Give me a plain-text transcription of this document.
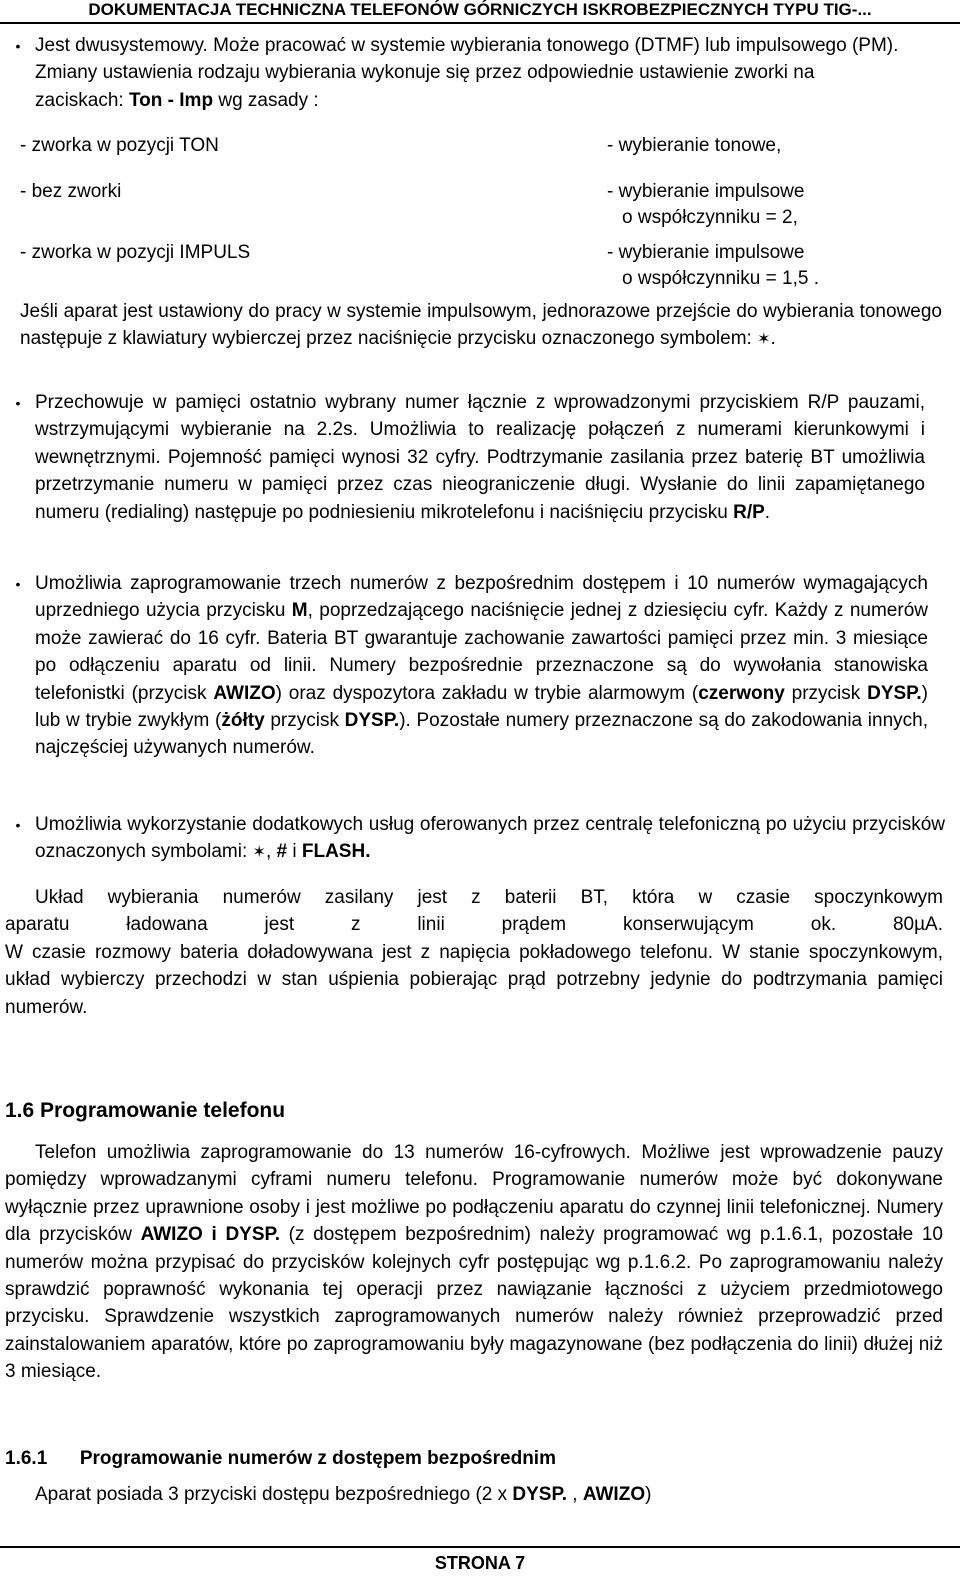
DOKUMENTACJA TECHNICZNA TELEFONÓW GÓRNICZYCH ISKROBEZPIECZNYCH TYPU TIG-...
• Jest dwusystemowy. Może pracować w systemie wybierania tonowego (DTMF) lub impulsowego (PM). Zmiany ustawienia rodzaju wybierania wykonuje się przez odpowiednie ustawienie zworki na zaciskach: Ton - Imp wg zasady :

- zworka w pozycji TON	- wybieranie tonowe,
- bez zworki	- wybieranie impulsowe
o współczynniku = 2,
- zworka w pozycji IMPULS	- wybieranie impulsowe
o współczynniku = 1,5 .

Jeśli aparat jest ustawiony do pracy w systemie impulsowym, jednorazowe przejście do wybierania tonowego następuje z klawiatury wybierczej przez naciśnięcie przycisku oznaczonego symbolem: ✶.

• Przechowuje w pamięci ostatnio wybrany numer łącznie z wprowadzonymi przyciskiem R/P pauzami, wstrzymującymi wybieranie na 2.2s. Umożliwia to realizację połączeń z numerami kierunkowymi i wewnętrznymi. Pojemność pamięci wynosi 32 cyfry. Podtrzymanie zasilania przez baterię BT umożliwia przetrzymanie numeru w pamięci przez czas nieograniczenie długi. Wysłanie do linii zapamiętanego numeru (redialing) następuje po podniesieniu mikrotelefonu i naciśnięciu przycisku R/P.

• Umożliwia zaprogramowanie trzech numerów z bezpośrednim dostępem i 10 numerów wymagających uprzedniego użycia przycisku M, poprzedzającego naciśnięcie jednej z dziesięciu cyfr. Każdy z numerów może zawierać do 16 cyfr. Bateria BT gwarantuje zachowanie zawartości pamięci przez min. 3 miesiące po odłączeniu aparatu od linii. Numery bezpośrednie przeznaczone są do wywołania stanowiska telefonistki (przycisk AWIZO) oraz dyspozytora zakładu w trybie alarmowym (czerwony przycisk DYSP.) lub w trybie zwykłym (żółty przycisk DYSP.). Pozostałe numery przeznaczone są do zakodowania innych, najczęściej używanych numerów.

• Umożliwia wykorzystanie dodatkowych usług oferowanych przez centralę telefoniczną po użyciu przycisków oznaczonych symbolami: ✶, # i FLASH.

Układ wybierania numerów zasilany jest z baterii BT, która w czasie spoczynkowym
aparatu ładowana jest z linii prądem konserwującym ok. 80µA.
W czasie rozmowy bateria doładowywana jest z napięcia pokładowego telefonu. W stanie spoczynkowym, układ wybierczy przechodzi w stan uśpienia pobierając prąd potrzebny jedynie do podtrzymania pamięci numerów.
1.6 Programowanie telefonu

Telefon umożliwia zaprogramowanie do 13 numerów 16-cyfrowych. Możliwe jest wprowadzenie pauzy pomiędzy wprowadzanymi cyframi numeru telefonu. Programowanie numerów może być dokonywane wyłącznie przez uprawnione osoby i jest możliwe po podłączeniu aparatu do czynnej linii telefonicznej. Numery dla przycisków AWIZO i DYSP. (z dostępem bezpośrednim) należy programować wg p.1.6.1, pozostałe 10 numerów można przypisać do przycisków kolejnych cyfr postępując wg p.1.6.2. Po zaprogramowaniu należy sprawdzić poprawność wykonania tej operacji przez nawiązanie łączności z użyciem przedmiotowego przycisku. Sprawdzenie wszystkich zaprogramowanych numerów należy również przeprowadzić przed zainstalowaniem aparatów, które po zaprogramowaniu były magazynowane (bez podłączenia do linii) dłużej niż 3 miesiące.

1.6.1 Programowanie numerów z dostępem bezpośrednim
Aparat posiada 3 przyciski dostępu bezpośredniego (2 x DYSP. , AWIZO)
STRONA 7
